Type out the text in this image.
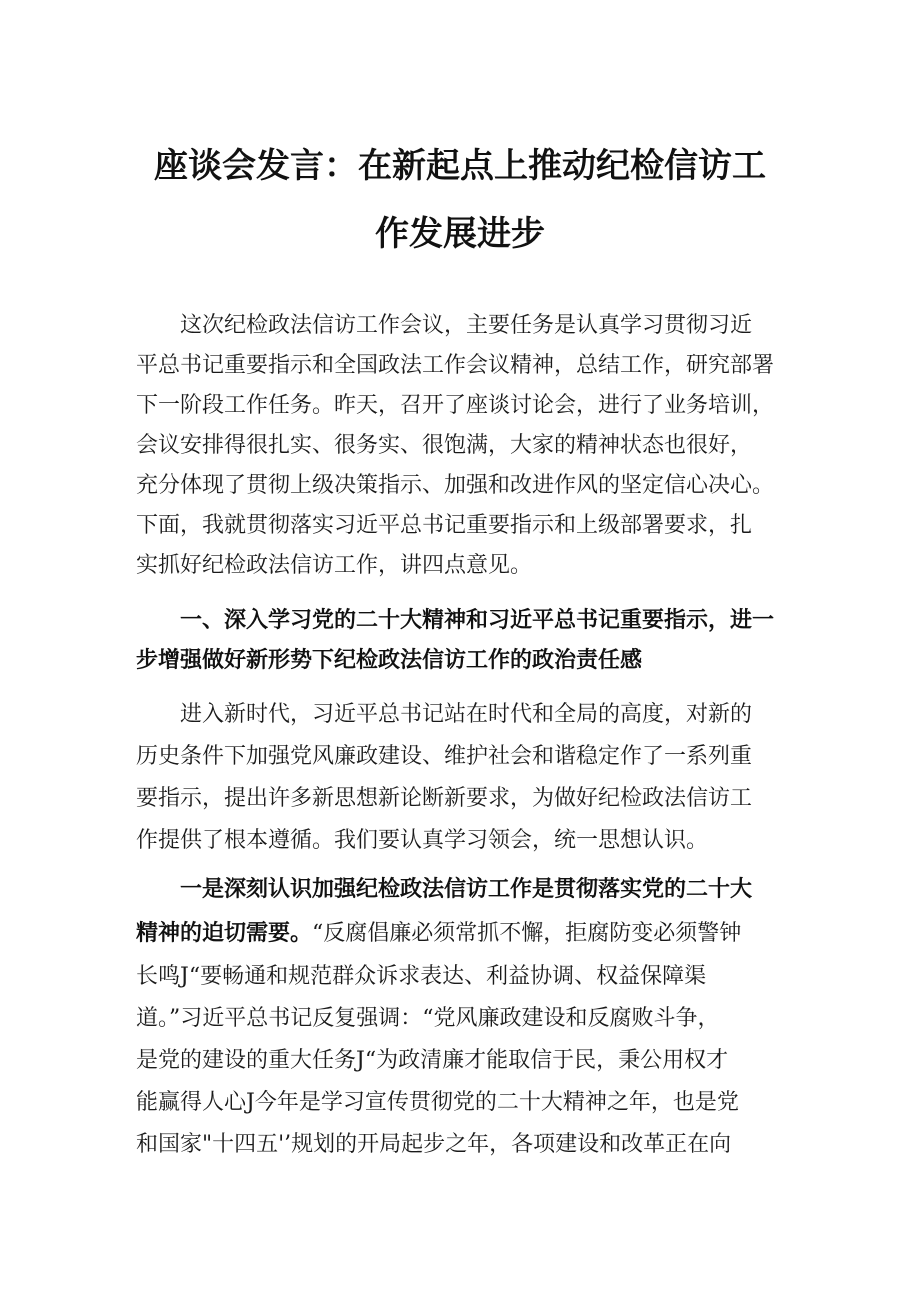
座谈会发言：在新起点上推动纪检信访工
作发展进步
这次纪检政法信访工作会议，主要任务是认真学习贯彻习近
平总书记重要指示和全国政法工作会议精神，总结工作，研究部署
下一阶段工作任务。昨天，召开了座谈讨论会，进行了业务培训，
会议安排得很扎实、很务实、很饱满，大家的精神状态也很好，
充分体现了贯彻上级决策指示、加强和改进作风的坚定信心决心。
下面，我就贯彻落实习近平总书记重要指示和上级部署要求，扎
实抓好纪检政法信访工作，讲四点意见。
一、深入学习党的二十大精神和习近平总书记重要指示，进一
步增强做好新形势下纪检政法信访工作的政治责任感
进入新时代，习近平总书记站在时代和全局的高度，对新的
历史条件下加强党风廉政建设、维护社会和谐稳定作了一系列重
要指示，提出许多新思想新论断新要求，为做好纪检政法信访工
作提供了根本遵循。我们要认真学习领会，统一思想认识。
一是深刻认识加强纪检政法信访工作是贯彻落实党的二十大
精神的迫切需要。“反腐倡廉必须常抓不懈，拒腐防变必须警钟
长鸣J“要畅通和规范群众诉求表达、利益协调、权益保障渠
道。”习近平总书记反复强调：“党风廉政建设和反腐败斗争，
是党的建设的重大任务J“为政清廉才能取信于民，秉公用权才
能赢得人心J今年是学习宣传贯彻党的二十大精神之年，也是党
和国家"十四五'’规划的开局起步之年，各项建设和改革正在向
